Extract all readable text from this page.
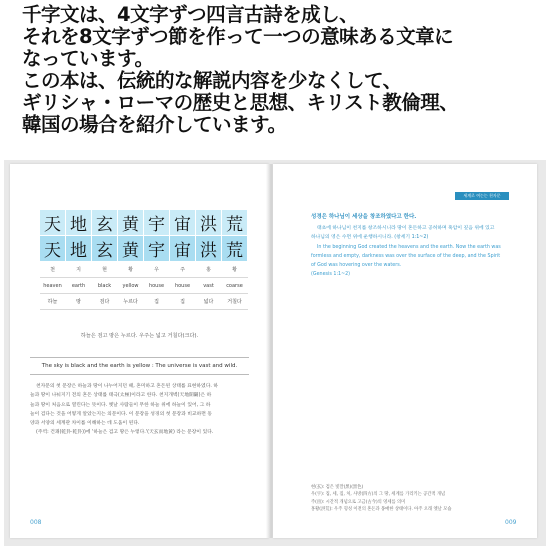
千字文は、4文字ずつ四言古詩を成し、
それを8文字ずつ節を作って一つの意味ある文章に
なっています。
この本は、伝統的な解説内容を少なくして、
ギリシャ・ローマの歴史と思想、キリスト教倫理、
韓国の場合を紹介しています。
天	地	玄	黄	宇	宙	洪	荒
天	地	玄	黄	宇	宙	洪	荒
천	지	현	황	우	주	홍	황
heaven	earth	black	yellow	house	house	vast	coarse
하늘	땅	검다	누르다	집	집	넓다	거칠다
하늘은 검고 땅은 누르다. 우주는 넓고 거칠다(크다).
The sky is black and the earth is yellow : The universe is vast and wild.
천자문의 첫 문장은 하늘과 땅이 나누어지던 때, 혼미하고 혼돈된 상태를 표현하였다. 하
늘과 땅이 나눠지기 전의 혼돈 상태를 태극(太極)이라고 한다. 천지개벽(天地開闢)은 하
늘과 땅이 처음으로 열린다는 뜻이다. 옛날 사람들이 무한 하늘 위에 하늘이 있어, 그 하
늘이 검다는 것을 어떻게 알았는지는 의문이다. 이 문장을 성경의 첫 문장과 비교하면 동
양과 서양의 세계관 차이를 이해하는 데 도움이 된다.
(주역: 건괘(乾卦·乾卦))에 '하늘은 검고 땅은 누렇다.'(天玄而地黃) 라는 문장이 있다.
008
세계로 여는는 천자문
성경은 하나님이 세상을 창조하였다고 한다.
태초에 하나님이 천지를 창조하시니라 땅이 혼돈하고 공허하며 흑암이 깊음 위에 있고
하나님의 영은 수면 위에 운행하시니라. (창세기 1:1~2)
In the beginning God created the heavens and the earth. Now the earth was
formless and empty, darkness was over the surface of the deep, and the Spirit
of God was hovering over the waters.
(Genesis 1:1~2)
현(玄): 검은 빛깔(黑)(黑色)
우(宇): 집, 세, 집, 처, 사방(四方)의 그 땅, 세계를 가리키는 공간적 개념
주(宙): 시간적 개념으로 고금(古今)의 영세를 의미
홍황(洪荒): 우주 형성 이전의 혼돈과 몽매한 상태이다. 아주 오래 옛날 모습
009
